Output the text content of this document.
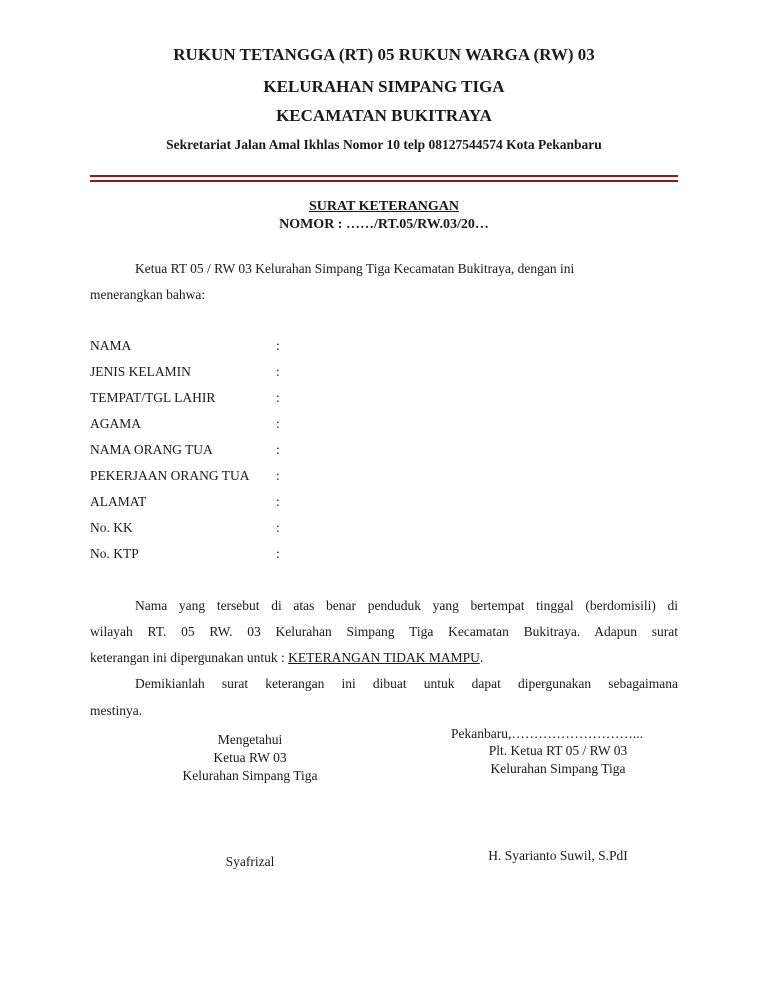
RUKUN TETANGGA (RT) 05 RUKUN WARGA (RW) 03
KELURAHAN SIMPANG TIGA
KECAMATAN BUKITRAYA
Sekretariat Jalan Amal Ikhlas Nomor 10 telp 08127544574 Kota Pekanbaru
SURAT KETERANGAN
NOMOR : ……/RT.05/RW.03/20…
Ketua RT 05 / RW 03 Kelurahan Simpang Tiga Kecamatan Bukitraya, dengan ini
menerangkan bahwa:
NAMA	:
JENIS KELAMIN	:
TEMPAT/TGL LAHIR	:
AGAMA	:
NAMA ORANG TUA	:
PEKERJAAN ORANG TUA :
ALAMAT	:
No. KK	:
No. KTP	:
Nama yang tersebut di atas benar penduduk yang bertempat tinggal (berdomisili) di
wilayah RT. 05 RW. 03 Kelurahan Simpang Tiga Kecamatan Bukitraya. Adapun surat
keterangan ini dipergunakan untuk : KETERANGAN TIDAK MAMPU.
Demikianlah surat keterangan ini dibuat untuk dapat dipergunakan sebagaimana
mestinya.
Mengetahui
Ketua RW 03
Kelurahan Simpang Tiga
Syafrizal
Pekanbaru,………………………...
Plt. Ketua RT 05 / RW 03
Kelurahan Simpang Tiga
H. Syarianto Suwil, S.PdI
